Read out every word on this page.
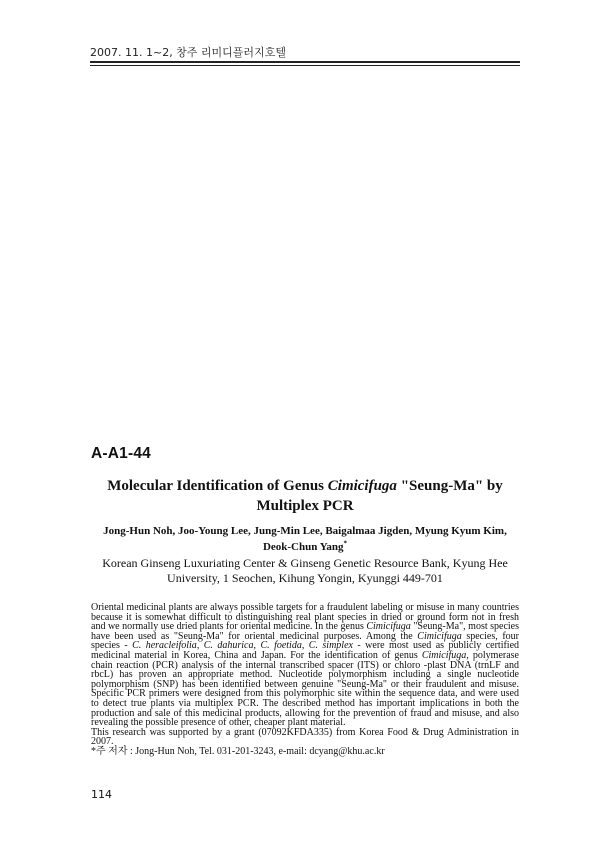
2007. 11. 1~2, 창주 리미디플러지호텔
A-A1-44
Molecular Identification of Genus Cimicifuga "Seung-Ma" by
Multiplex PCR
Jong-Hun Noh, Joo-Young Lee, Jung-Min Lee, Baigalmaa Jigden, Myung Kyum Kim,
Deok-Chun Yang*
Korean Ginseng Luxuriating Center & Ginseng Genetic Resource Bank, Kyung Hee
University, 1 Seochen, Kihung Yongin, Kyunggi 449-701

Oriental medicinal plants are always possible targets for a fraudulent labeling or misuse in many countries because it is somewhat difficult to distinguishing real plant species in dried or ground form not in fresh and we normally use dried plants for oriental medicine. In the genus Cimicifuga "Seung-Ma", most species have been used as "Seung-Ma" for oriental medicinal purposes. Among the Cimicifuga species, four species - C. heracleifolia, C. dahurica, C. foetida, C. simplex - were most used as publicly certified medicinal material in Korea, China and Japan. For the identification of genus Cimicifuga, polymerase chain reaction (PCR) analysis of the internal transcribed spacer (ITS) or chloro -plast DNA (trnLF and rbcL) has proven an appropriate method. Nucleotide polymorphism including a single nucleotide polymorphism (SNP) has been identified between genuine "Seung-Ma" or their fraudulent and misuse. Specific PCR primers were designed from this polymorphic site within the sequence data, and were used to detect true plants via multiplex PCR. The described method has important implications in both the production and sale of this medicinal products, allowing for the prevention of fraud and misuse, and also revealing the possible presence of other, cheaper plant material.

This research was supported by a grant (07092KFDA335) from Korea Food & Drug Administration in 2007.

*주 저자 : Jong-Hun Noh, Tel. 031-201-3243, e-mail: dcyang@khu.ac.kr

114
